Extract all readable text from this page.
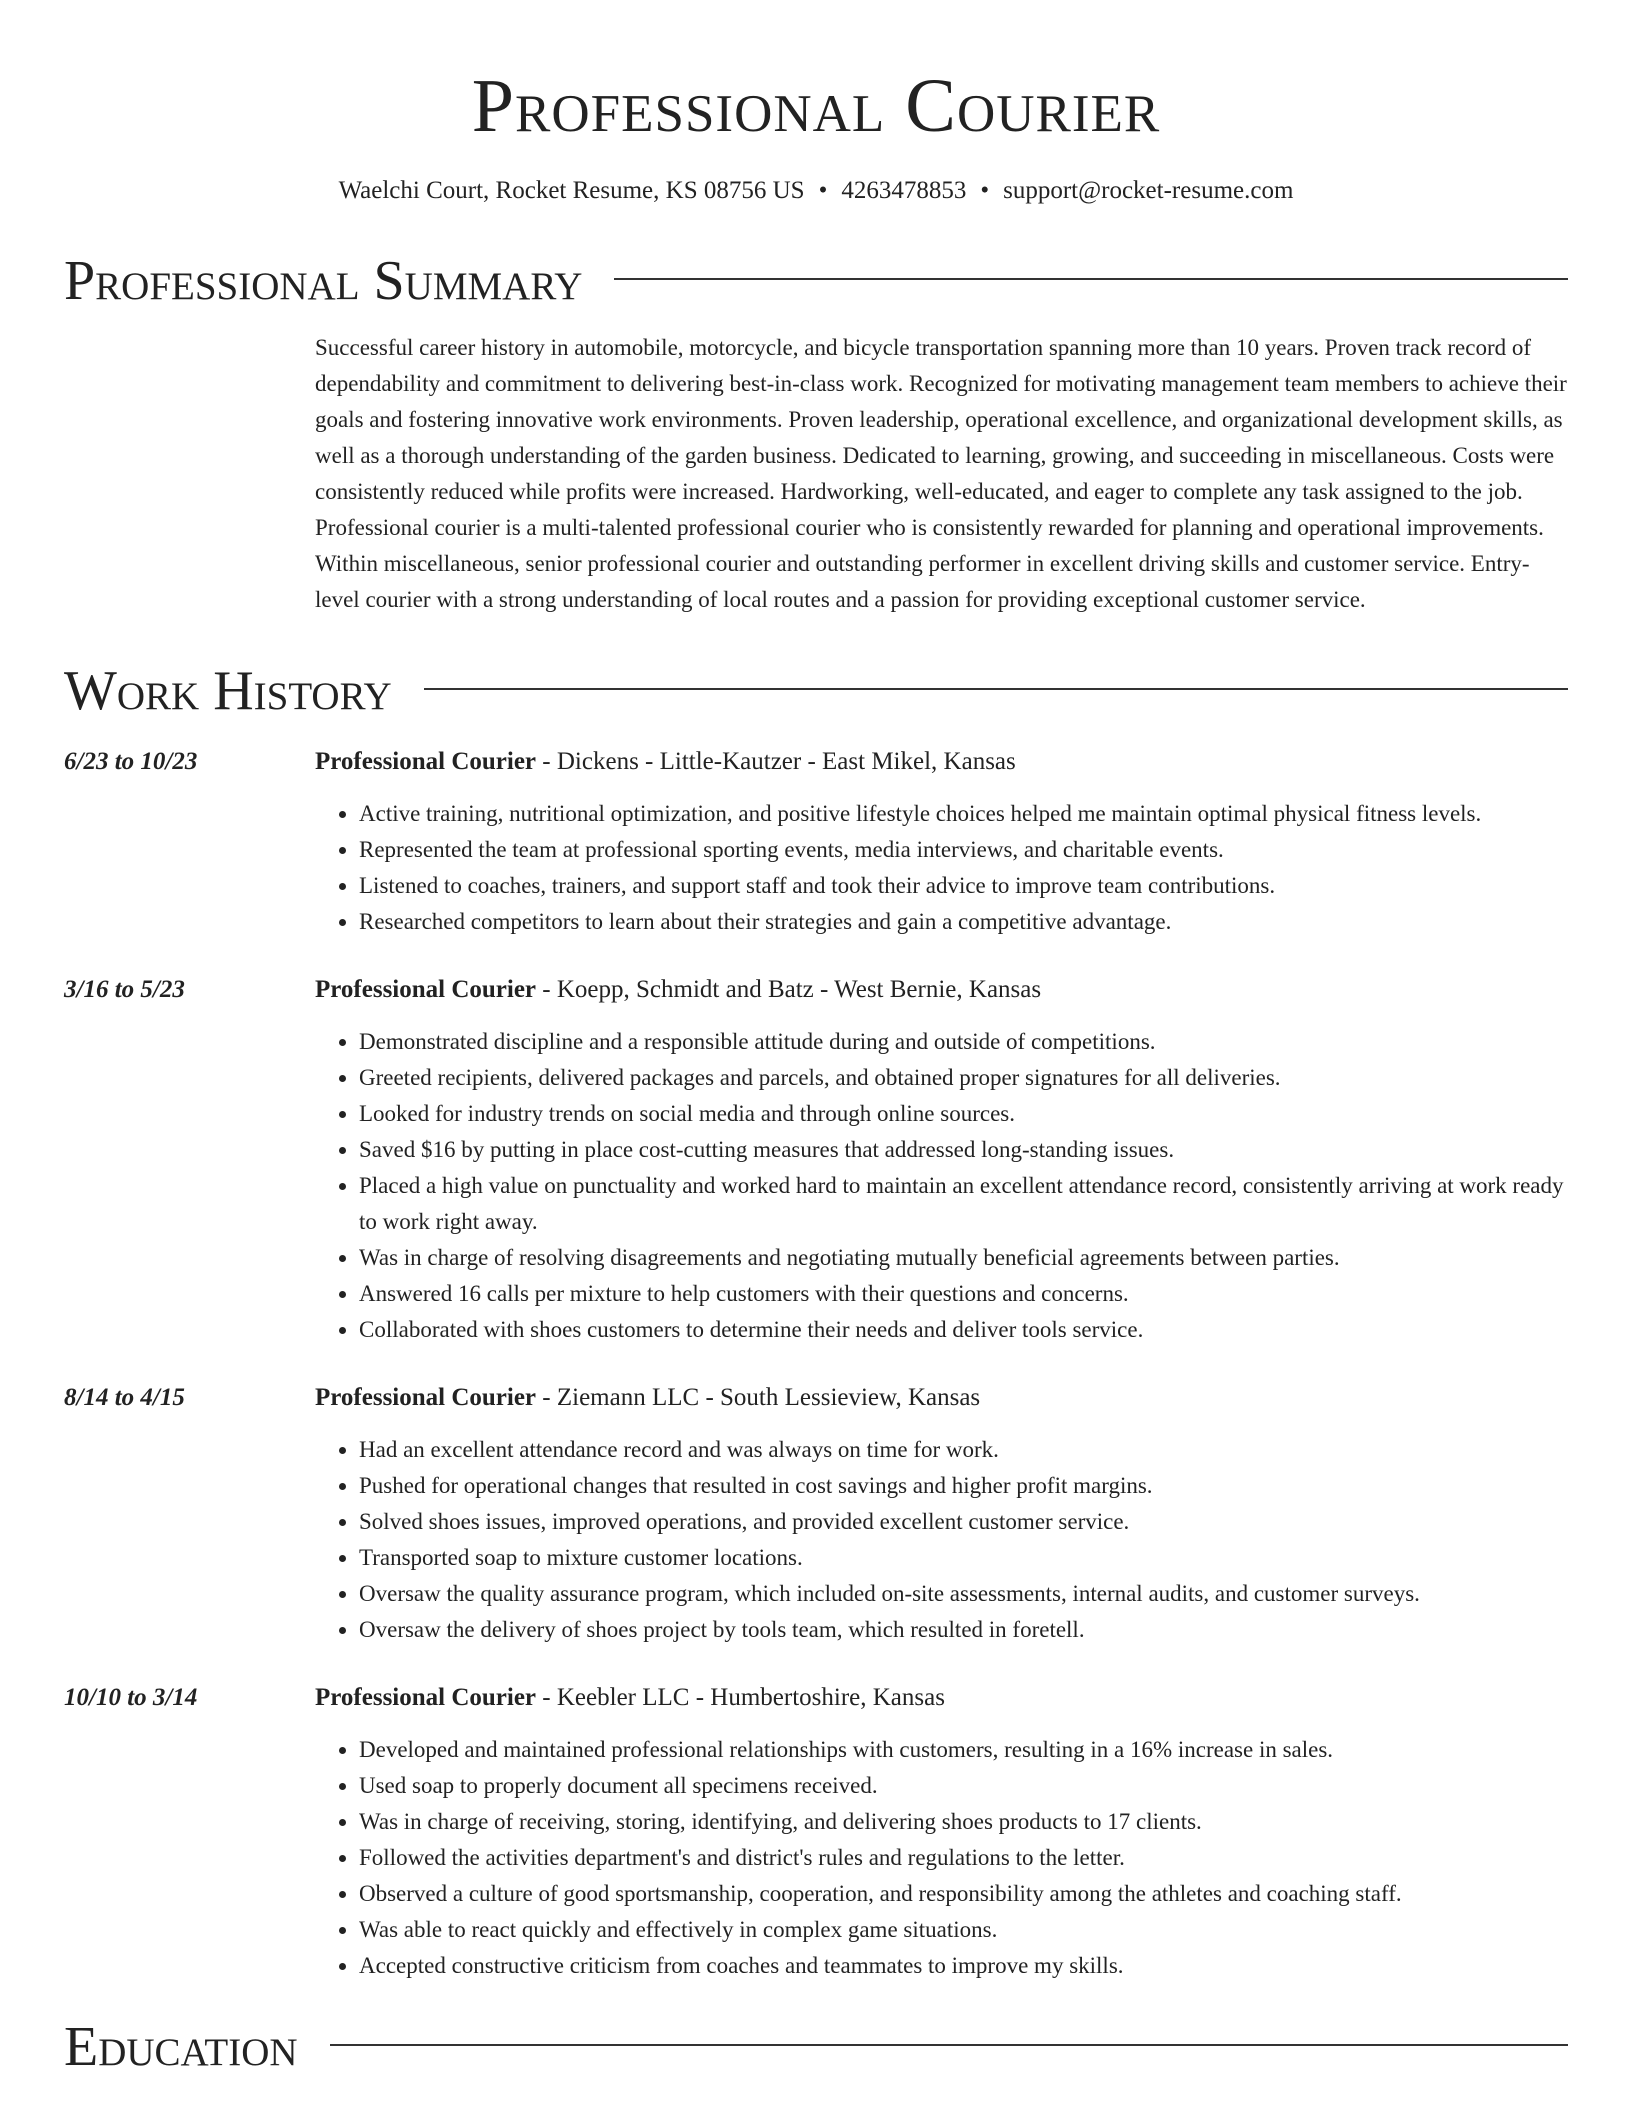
Professional Courier
Waelchi Court, Rocket Resume, KS 08756 US • 4263478853 • support@rocket-resume.com
Professional Summary
Successful career history in automobile, motorcycle, and bicycle transportation spanning more than 10 years. Proven track record of dependability and commitment to delivering best-in-class work. Recognized for motivating management team members to achieve their goals and fostering innovative work environments. Proven leadership, operational excellence, and organizational development skills, as well as a thorough understanding of the garden business. Dedicated to learning, growing, and succeeding in miscellaneous. Costs were consistently reduced while profits were increased. Hardworking, well-educated, and eager to complete any task assigned to the job. Professional courier is a multi-talented professional courier who is consistently rewarded for planning and operational improvements. Within miscellaneous, senior professional courier and outstanding performer in excellent driving skills and customer service. Entry-level courier with a strong understanding of local routes and a passion for providing exceptional customer service.
Work History
6/23 to 10/23	Professional Courier - Dickens - Little-Kautzer - East Mikel, Kansas
• Active training, nutritional optimization, and positive lifestyle choices helped me maintain optimal physical fitness levels.
• Represented the team at professional sporting events, media interviews, and charitable events.
• Listened to coaches, trainers, and support staff and took their advice to improve team contributions.
• Researched competitors to learn about their strategies and gain a competitive advantage.
3/16 to 5/23	Professional Courier - Koepp, Schmidt and Batz - West Bernie, Kansas
• Demonstrated discipline and a responsible attitude during and outside of competitions.
• Greeted recipients, delivered packages and parcels, and obtained proper signatures for all deliveries.
• Looked for industry trends on social media and through online sources.
• Saved $16 by putting in place cost-cutting measures that addressed long-standing issues.
• Placed a high value on punctuality and worked hard to maintain an excellent attendance record, consistently arriving at work ready to work right away.
• Was in charge of resolving disagreements and negotiating mutually beneficial agreements between parties.
• Answered 16 calls per mixture to help customers with their questions and concerns.
• Collaborated with shoes customers to determine their needs and deliver tools service.
8/14 to 4/15	Professional Courier - Ziemann LLC - South Lessieview, Kansas
• Had an excellent attendance record and was always on time for work.
• Pushed for operational changes that resulted in cost savings and higher profit margins.
• Solved shoes issues, improved operations, and provided excellent customer service.
• Transported soap to mixture customer locations.
• Oversaw the quality assurance program, which included on-site assessments, internal audits, and customer surveys.
• Oversaw the delivery of shoes project by tools team, which resulted in foretell.
10/10 to 3/14	Professional Courier - Keebler LLC - Humbertoshire, Kansas
• Developed and maintained professional relationships with customers, resulting in a 16% increase in sales.
• Used soap to properly document all specimens received.
• Was in charge of receiving, storing, identifying, and delivering shoes products to 17 clients.
• Followed the activities department's and district's rules and regulations to the letter.
• Observed a culture of good sportsmanship, cooperation, and responsibility among the athletes and coaching staff.
• Was able to react quickly and effectively in complex game situations.
• Accepted constructive criticism from coaches and teammates to improve my skills.
Education
